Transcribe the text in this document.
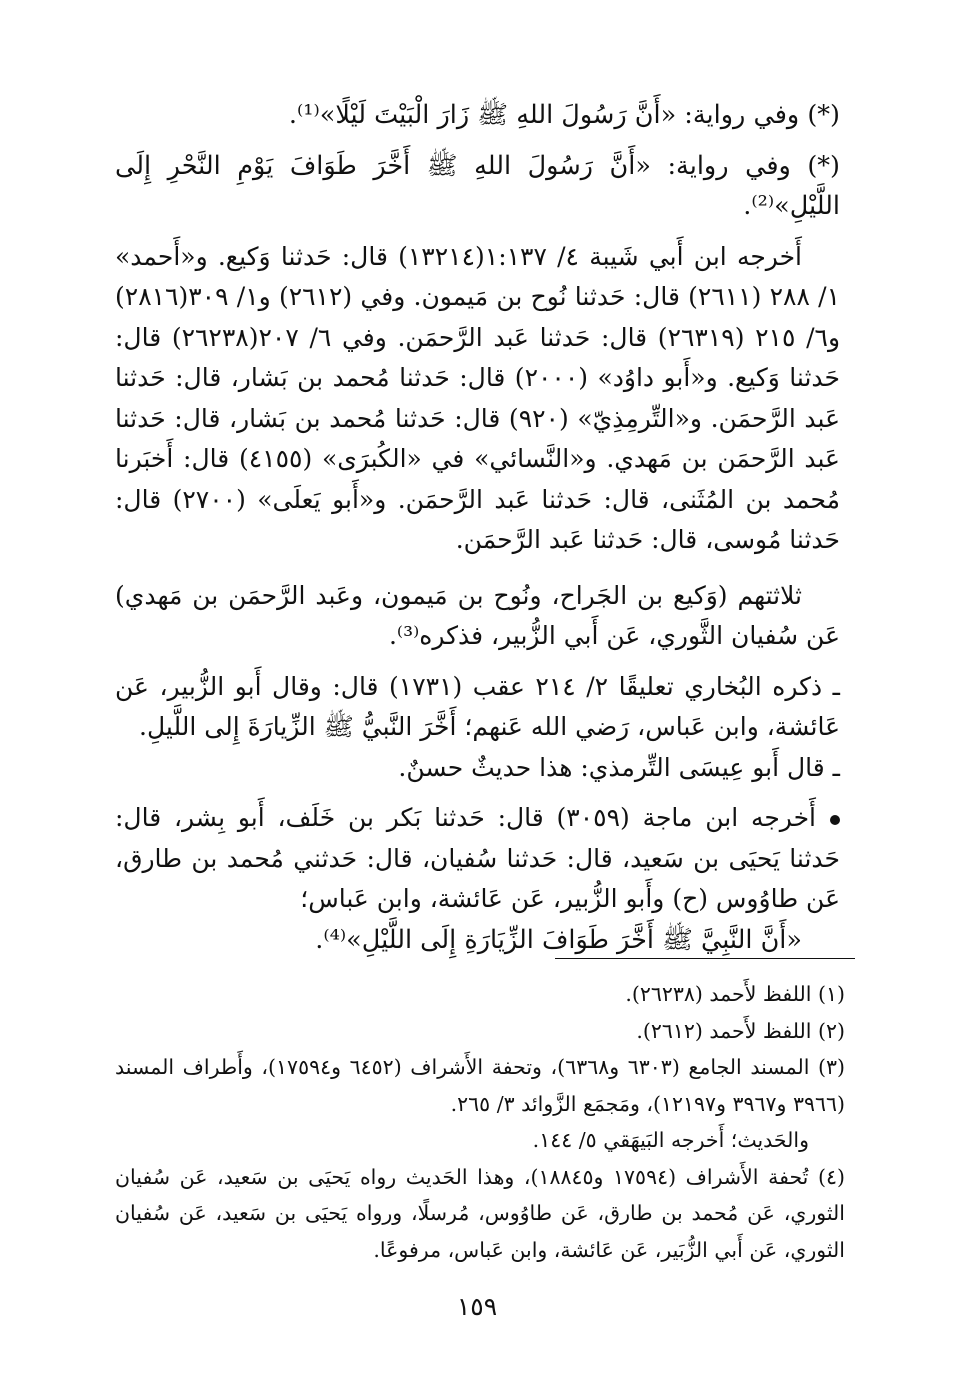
(*) وفي رواية: «أَنَّ رَسُولَ اللهِ ﷺ زَارَ الْبَيْتَ لَيْلًا»⁽¹⁾.

(*) وفي رواية: «أَنَّ رَسُولَ اللهِ ﷺ أَخَّرَ طَوَافَ يَوْمِ النَّحْرِ إِلَى اللَّيْلِ»⁽²⁾.

أَخرجه ابن أَبي شَيبة ٤/ ١:١٣٧(١٣٢١٤) قال: حَدثنا وَكيع. و«أَحمد» ١/ ٢٨٨ (٢٦١١) قال: حَدثنا نُوح بن مَيمون. وفي (٢٦١٢) و١/ ٣٠٩(٢٨١٦) و٦/ ٢١٥ (٢٦٣١٩) قال: حَدثنا عَبد الرَّحمَن. وفي ٦/ ٢٠٧(٢٦٢٣٨) قال: حَدثنا وَكيع. و«أَبو داوُد» (٢٠٠٠) قال: حَدثنا مُحمد بن بَشار، قال: حَدثنا عَبد الرَّحمَن. و«التِّرمِذِيّ» (٩٢٠) قال: حَدثنا مُحمد بن بَشار، قال: حَدثنا عَبد الرَّحمَن بن مَهدي. و«النَّسائي» في «الكُبرَى» (٤١٥٥) قال: أَخبَرنا مُحمد بن المُثَنى، قال: حَدثنا عَبد الرَّحمَن. و«أَبو يَعلَى» (٢٧٠٠) قال: حَدثنا مُوسى، قال: حَدثنا عَبد الرَّحمَن.

ثلاثتهم (وَكيع بن الجَراح، ونُوح بن مَيمون، وعَبد الرَّحمَن بن مَهدي) عَن سُفيان الثَّوري، عَن أَبي الزُّبير، فذكره⁽³⁾.

ـ ذكره البُخاري تعليقًا ٢/ ٢١٤ عقب (١٧٣١) قال: وقال أَبو الزُّبير، عَن عَائشة، وابن عَباس، رَضي الله عَنهم؛ أَخَّرَ النَّبيُّ ﷺ الزِّيارَةَ إِلى اللَّيلِ.

ـ قال أَبو عِيسَى التِّرمذي: هذا حديثٌ حسنٌ.

أَخرجه ابن ماجة (٣٠٥٩) قال: حَدثنا بَكر بن خَلَف، أَبو بِشر، قال: حَدثنا يَحيَى بن سَعيد، قال: حَدثنا سُفيان، قال: حَدثني مُحمد بن طارق، عَن طاوُوس (ح) وأَبو الزُّبير، عَن عَائشة، وابن عَباس؛

«أَنَّ النَّبِيَّ ﷺ أَخَّرَ طَوَافَ الزِّيَارَةِ إِلَى اللَّيْلِ»⁽⁴⁾.

(١) اللفظ لأَحمد (٢٦٢٣٨).

(٢) اللفظ لأَحمد (٢٦١٢).

(٣) المسند الجامع (٦٣٠٣ و٦٣٦٨)، وتحفة الأَشراف (٦٤٥٢ و١٧٥٩٤)، وأَطراف المسند (٣٩٦٦ و٣٩٦٧ و١٢١٩٧)، ومَجمَع الزَّوائد ٣/ ٢٦٥.

والحَديث؛ أَخرجه البَيهَقي ٥/ ١٤٤.

(٤) تُحفة الأَشراف (١٧٥٩٤ و١٨٨٤٥)، وهذا الحَديث رواه يَحيَى بن سَعيد، عَن سُفيان الثوري، عَن مُحمد بن طارق، عَن طاوُوس، مُرسلًا، ورواه يَحيَى بن سَعيد، عَن سُفيان الثوري، عَن أَبي الزُّبَير، عَن عَائشة، وابن عَباس، مرفوعًا.

١٥٩
